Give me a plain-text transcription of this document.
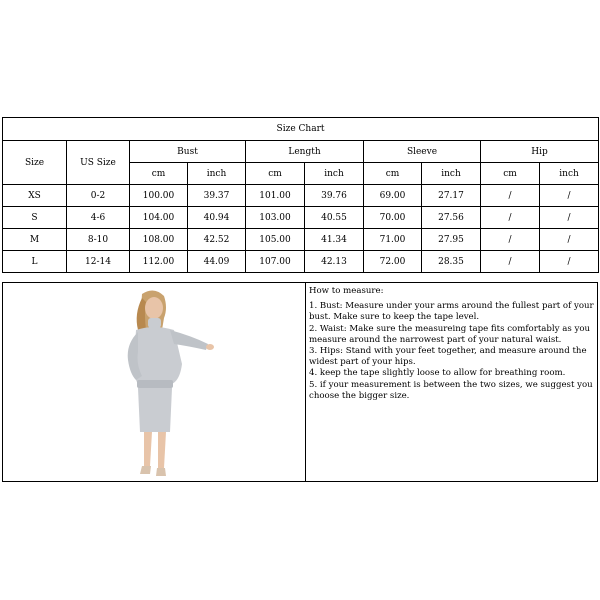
Size Chart									
Size	US Size	Bust		Length		Sleeve		Hip	
		cm	inch	cm	inch	cm	inch	cm	inch
XS	0-2	100.00	39.37	101.00	39.76	69.00	27.17	/	/
S	4-6	104.00	40.94	103.00	40.55	70.00	27.56	/	/
M	8-10	108.00	42.52	105.00	41.34	71.00	27.95	/	/
L	12-14	112.00	44.09	107.00	42.13	72.00	28.35	/	/
How to measure:

1. Bust: Measure under your arms around the fullest part of your bust. Make sure to keep the tape level.

2. Waist: Make sure the measureing tape fits comfortably as you measure around the narrowest part of your natural waist.

3. Hips: Stand with your feet together, and measure around the widest part of your hips.

4. keep the tape slightly loose to allow for breathing room.

5. if your measurement is between the two sizes, we suggest you choose the bigger size.
